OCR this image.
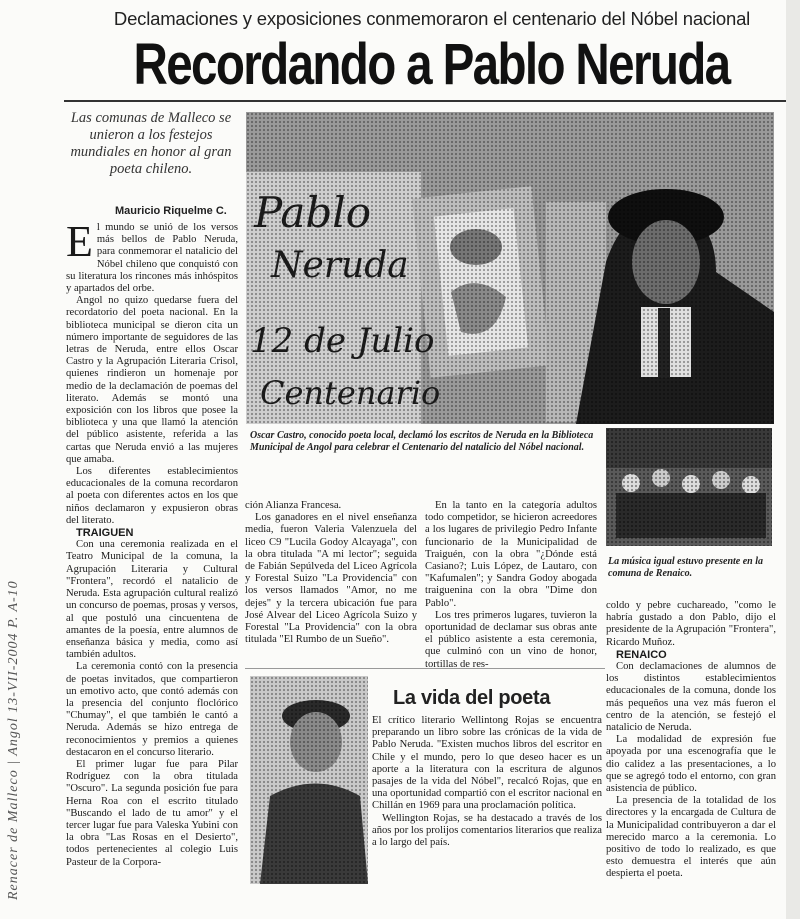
Declamaciones y exposiciones conmemoraron el centenario del Nóbel nacional
Recordando a Pablo Neruda
Renacer de Malleco | Angol 13-VII-2004 P. A-10
Las comunas de Malleco se unieron a los festejos mundiales en honor al gran poeta chileno.
Mauricio Riquelme C. Pablo
Neruda
12 de Julio
Centenario
Oscar Castro, conocido poeta local, declamó los escritos de Neruda en la Biblioteca Municipal de Angol para celebrar el Centenario del natalicio del Nóbel nacional.
La música igual estuvo presente en la comuna de Renaico.

El mundo se unió de los versos más bellos de Pablo Neruda, para conmemorar el natalicio del Nóbel chileno que conquistó con su literatura los rincones más inhóspitos y apartados del orbe.

Angol no quizo quedarse fuera del recordatorio del poeta nacional. En la biblioteca municipal se dieron cita un número importante de seguidores de las letras de Neruda, entre ellos Oscar Castro y la Agrupación Literaria Crisol, quienes rindieron un homenaje por medio de la declamación de poemas del literato. Además se montó una exposición con los libros que posee la biblioteca y una que llamó la atención del público asistente, referida a las cartas que Neruda envió a las mujeres que amaba.

Los diferentes establecimientos educacionales de la comuna recordaron al poeta con diferentes actos en los que niños declamaron y expusieron obras del literato.

TRAIGUEN

Con una ceremonia realizada en el Teatro Municipal de la comuna, la Agrupación Literaria y Cultural "Frontera", recordó el natalicio de Neruda. Esta agrupación cultural realizó un concurso de poemas, prosas y versos, al que postuló una cincuentena de amantes de la poesía, entre alumnos de enseñanza básica y media, como así también adultos.

La ceremonia contó con la presencia de poetas invitados, que compartieron un emotivo acto, que contó además con la presencia del conjunto floclórico "Chumay", el que también le cantó a Neruda. Además se hizo entrega de reconocimientos y premios a quienes destacaron en el concurso literario.

El primer lugar fue para Pilar Rodríguez con la obra titulada "Oscuro". La segunda posición fue para Herna Roa con el escrito titulado "Buscando el lado de tu amor" y el tercer lugar fue para Valeska Yubini con la obra "Las Rosas en el Desierto", todos pertenecientes al colegio Luis Pasteur de la Corpora-

ción Alianza Francesa.

Los ganadores en el nivel enseñanza media, fueron Valeria Valenzuela del liceo C9 "Lucila Godoy Alcayaga", con la obra titulada "A mi lector"; seguida de Fabián Sepúlveda del Liceo Agrícola y Forestal Suizo "La Providencia" con los versos llamados "Amor, no me dejes" y la tercera ubicación fue para José Alvear del Liceo Agrícola Suizo y Forestal "La Providencia" con la obra titulada "El Rumbo de un Sueño".

En la tanto en la categoría adultos todo competidor, se hicieron acreedores a los lugares de privilegio Pedro Infante funcionario de la Municipalidad de Traiguén, con la obra "¿Dónde está Casiano?; Luis López, de Lautaro, con "Kafumalen"; y Sandra Godoy abogada traiguenina con la obra "Dime don Pablo".

Los tres primeros lugares, tuvieron la oportunidad de declamar sus obras ante el público asistente a esta ceremonia, que culminó con un vino de honor, tortillas de res-

coldo y pebre cuchareado, "como le habría gustado a don Pablo, dijo el presidente de la Agrupación "Frontera", Ricardo Muñoz.

RENAICO

Con declamaciones de alumnos de los distintos establecimientos educacionales de la comuna, donde los más pequeños una vez más fueron el centro de la atención, se festejó el natalicio de Neruda.

La modalidad de expresión fue apoyada por una escenografía que le dio calidez a las presentaciones, a lo que se agregó todo el entorno, con gran asistencia de público.

La presencia de la totalidad de los directores y la encargada de Cultura de la Municipalidad contribuyeron a dar el merecido marco a la ceremonia. Lo positivo de todo lo realizado, es que esto demuestra el interés que aún despierta el poeta.

La vida del poeta

El crítico literario Wellintong Rojas se encuentra preparando un libro sobre las crónicas de la vida de Pablo Neruda. "Existen muchos libros del escritor en Chile y el mundo, pero lo que deseo hacer es un aporte a la literatura con la escritura de algunos pasajes de la vida del Nóbel", recalcó Rojas, que en una oportunidad compartió con el escritor nacional en Chillán en 1969 para una proclamación política.

Wellington Rojas, se ha destacado a través de los años por los prolijos comentarios literarios que realiza a lo largo del país.
